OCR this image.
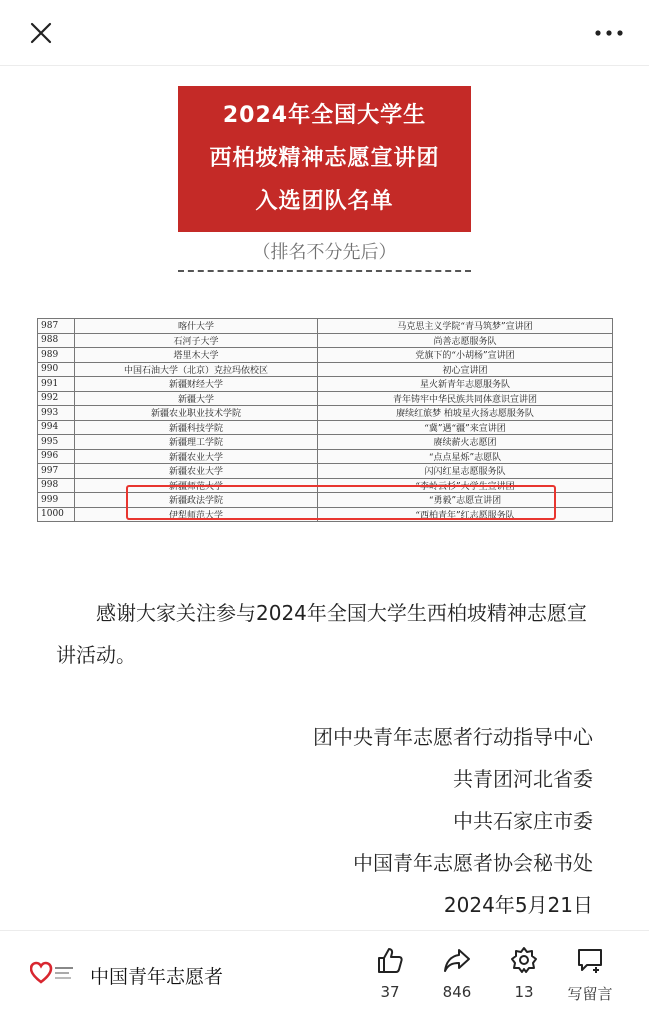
2024年全国大学生
西柏坡精神志愿宣讲团
入选团队名单
（排名不分先后）
987	喀什大学	马克思主义学院“青马筑梦”宣讲团
988	石河子大学	尚善志愿服务队
989	塔里木大学	党旗下的“小胡杨”宣讲团
990	中国石油大学（北京）克拉玛依校区	初心宣讲团
991	新疆财经大学	星火新青年志愿服务队
992	新疆大学	青年铸牢中华民族共同体意识宣讲团
993	新疆农业职业技术学院	赓续红旅梦 柏坡星火扬志愿服务队
994	新疆科技学院	“冀”遇“疆”来宣讲团
995	新疆理工学院	赓续薪火志愿团
996	新疆农业大学	“点点星烁”志愿队
997	新疆农业大学	闪闪红星志愿服务队
998	新疆师范大学	“李岭云杉”大学生宣讲团
999	新疆政法学院	“勇毅”志愿宣讲团
1000	伊犁师范大学	“西柏青年”红志愿服务队
感谢大家关注参与2024年全国大学生西柏坡精神志愿宣讲活动。
团中央青年志愿者行动指导中心
共青团河北省委
中共石家庄市委
中国青年志愿者协会秘书处
2024年5月21日
中国青年志愿者
37	846	13	写留言
